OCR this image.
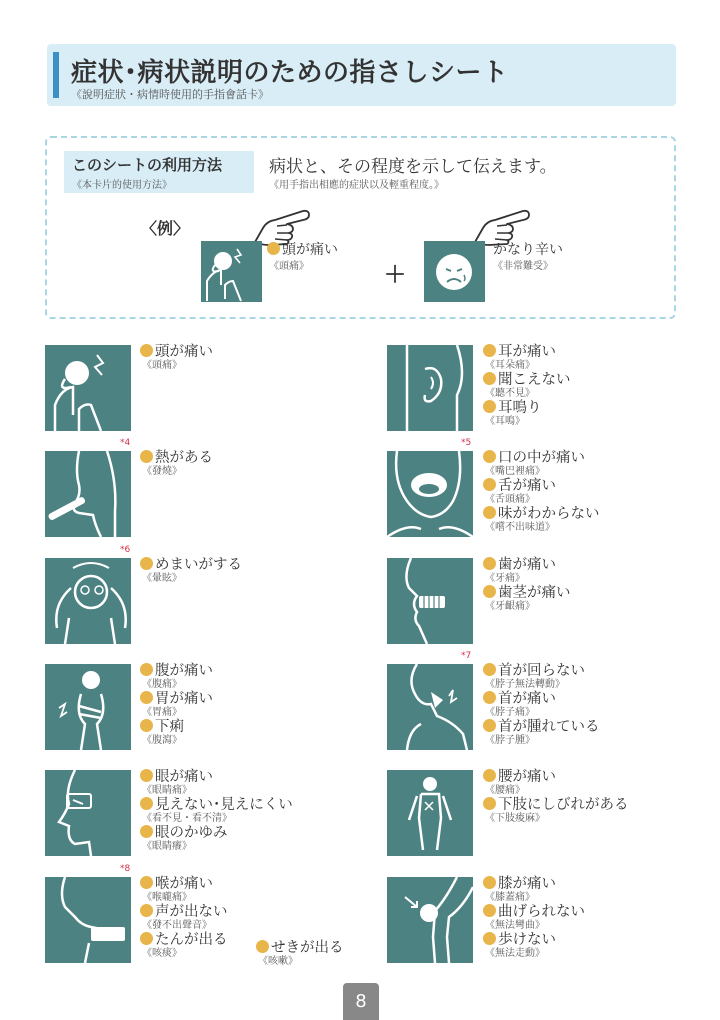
症状･病状説明のための指さしシート
《說明症狀・病情時使用的手指會話卡》
このシートの利用方法
《本卡片的使用方法》
病状と、その程度を示して伝えます。
《用手指出相應的症狀以及輕重程度。》
〈例〉
頭が痛い
《頭痛》	＋
かなり辛い
《非常難受》
頭が痛い
《頭痛》
*4
熱がある
《發燒》
*6
めまいがする
《暈眩》
腹が痛い
《腹痛》
胃が痛い
《胃痛》
下痢
《腹瀉》
眼が痛い
《眼睛痛》
見えない･見えにくい
《看不見・看不清》
眼のかゆみ
《眼睛癢》
*8
喉が痛い
《喉嚨痛》
声が出ない
《發不出聲音》
たんが出る
《咳痰》	せきが出る
《咳嗽》
耳が痛い
《耳朵痛》
聞こえない
《聽不見》
耳鳴り
《耳鳴》
*5
口の中が痛い
《嘴巴裡痛》
舌が痛い
《舌頭痛》
味がわからない
《嚐不出味道》
歯が痛い
《牙痛》
歯茎が痛い
《牙齦痛》
*7
首が回らない
《脖子無法轉動》
首が痛い
《脖子痛》
首が腫れている
《脖子腫》
腰が痛い
《腰痛》
下肢にしびれがある
《下肢痠麻》
膝が痛い
《膝蓋痛》
曲げられない
《無法彎曲》
歩けない
《無法走動》
8
